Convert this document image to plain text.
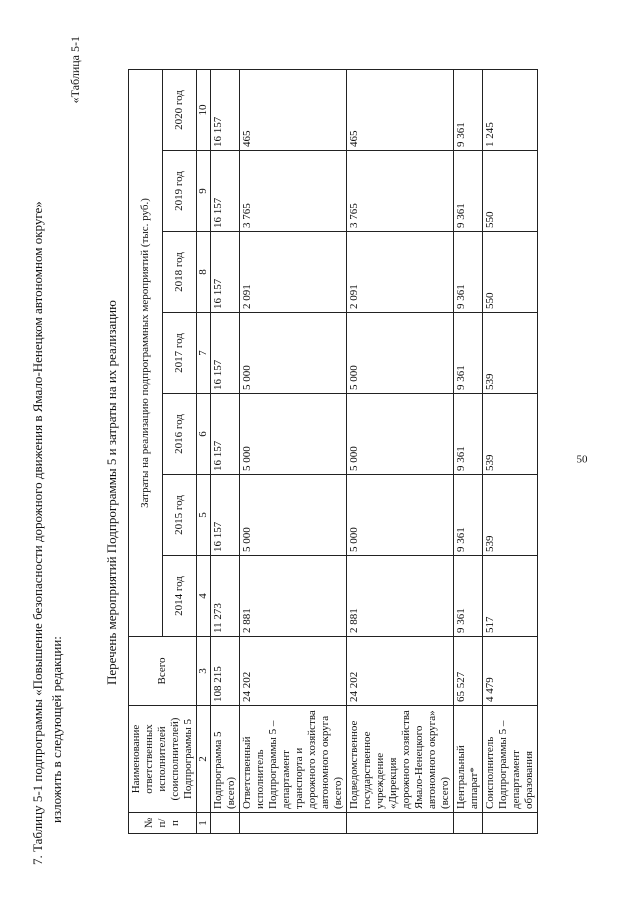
50
7. Таблицу 5-1 подпрограммы «Повышение безопасности дорожного движения в Ямало-Ненецком автономном округе» изложить в следующей редакции:
«Таблица 5-1
Перечень мероприятий Подпрограммы 5 и затраты на их реализацию
№ п/п	Наименование ответственных исполнителей (соисполнителей) Подпрограммы 5	Всего	Затраты на реализацию подпрограммных мероприятий (тыс. руб.)						
			2014 год	2015 год	2016 год	2017 год	2018 год	2019 год	2020 год
1	2	3	4	5	6	7	8	9	10
	Подпрограмма 5 (всего)	108 215	11 273	16 157	16 157	16 157	16 157	16 157	16 157
	Ответственный исполнитель Подпрограммы 5 – департамент транспорта и дорожного хозяйства автономного округа (всего)	24 202	2 881	5 000	5 000	5 000	2 091	3 765	465
	Подведомственное государственное учреждение «Дирекция дорожного хозяйства Ямало-Ненецкого автономного округа» (всего)	24 202	2 881	5 000	5 000	5 000	2 091	3 765	465
	Центральный аппарат*	65 527	9 361	9 361	9 361	9 361	9 361	9 361	9 361
	Соисполнитель Подпрограммы 5 – департамент образования	4 479	517	539	539	539	550	550	1 245
